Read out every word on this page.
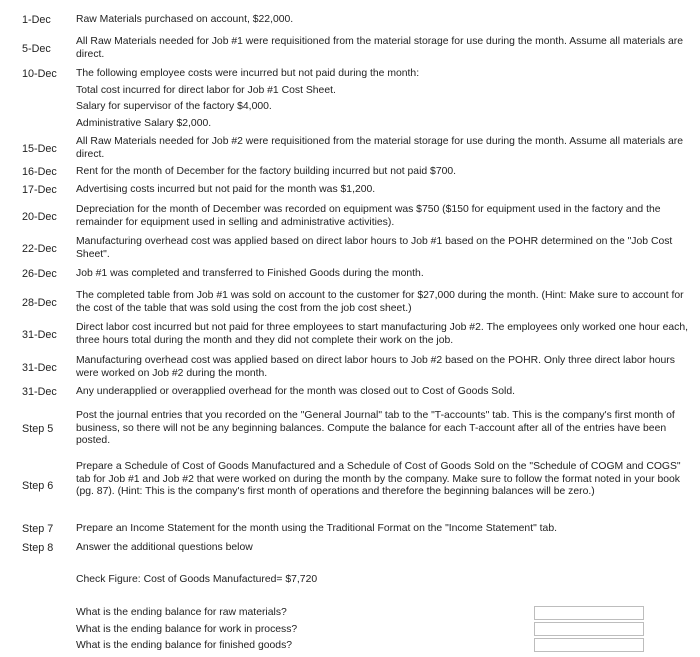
1-Dec Raw Materials purchased on account, $22,000.
5-Dec
All Raw Materials needed for Job #1 were requisitioned from the material storage for use during the month. Assume all materials are direct.
10-Dec The following employee costs were incurred but not paid during the month:
Total cost incurred for direct labor for Job #1 Cost Sheet.
Salary for supervisor of the factory $4,000.
Administrative Salary $2,000.
15-Dec
All Raw Materials needed for Job #2 were requisitioned from the material storage for use during the month. Assume all materials are direct.
16-Dec Rent for the month of December for the factory building incurred but not paid $700.
17-Dec Advertising costs incurred but not paid for the month was $1,200.
20-Dec
Depreciation for the month of December was recorded on equipment was $750 ($150 for equipment used in the factory and the remainder for equipment used in selling and administrative activities).
22-Dec
Manufacturing overhead cost was applied based on direct labor hours to Job #1 based on the POHR determined on the "Job Cost Sheet".
26-Dec Job #1 was completed and transferred to Finished Goods during the month.
28-Dec
The completed table from Job #1 was sold on account to the customer for $27,000 during the month. (Hint: Make sure to account for the cost of the table that was sold using the cost from the job cost sheet.)
31-Dec
Direct labor cost incurred but not paid for three employees to start manufacturing Job #2. The employees only worked one hour each, three hours total during the month and they did not complete their work on the job.
31-Dec
Manufacturing overhead cost was applied based on direct labor hours to Job #2 based on the POHR. Only three direct labor hours were worked on Job #2 during the month.
31-Dec Any underapplied or overapplied overhead for the month was closed out to Cost of Goods Sold.
Step 5
Post the journal entries that you recorded on the "General Journal" tab to the "T-accounts" tab. This is the company's first month of business, so there will not be any beginning balances. Compute the balance for each T-account after all of the entries have been posted.
Step 6
Prepare a Schedule of Cost of Goods Manufactured and a Schedule of Cost of Goods Sold on the "Schedule of COGM and COGS" tab for Job #1 and Job #2 that were worked on during the month by the company. Make sure to follow the format noted in your book (pg. 87). (Hint: This is the company's first month of operations and therefore the beginning balances will be zero.)
Step 7 Prepare an Income Statement for the month using the Traditional Format on the "Income Statement" tab.
Step 8 Answer the additional questions below
Check Figure: Cost of Goods Manufactured= $7,720
What is the ending balance for raw materials?
What is the ending balance for work in process?
What is the ending balance for finished goods?
